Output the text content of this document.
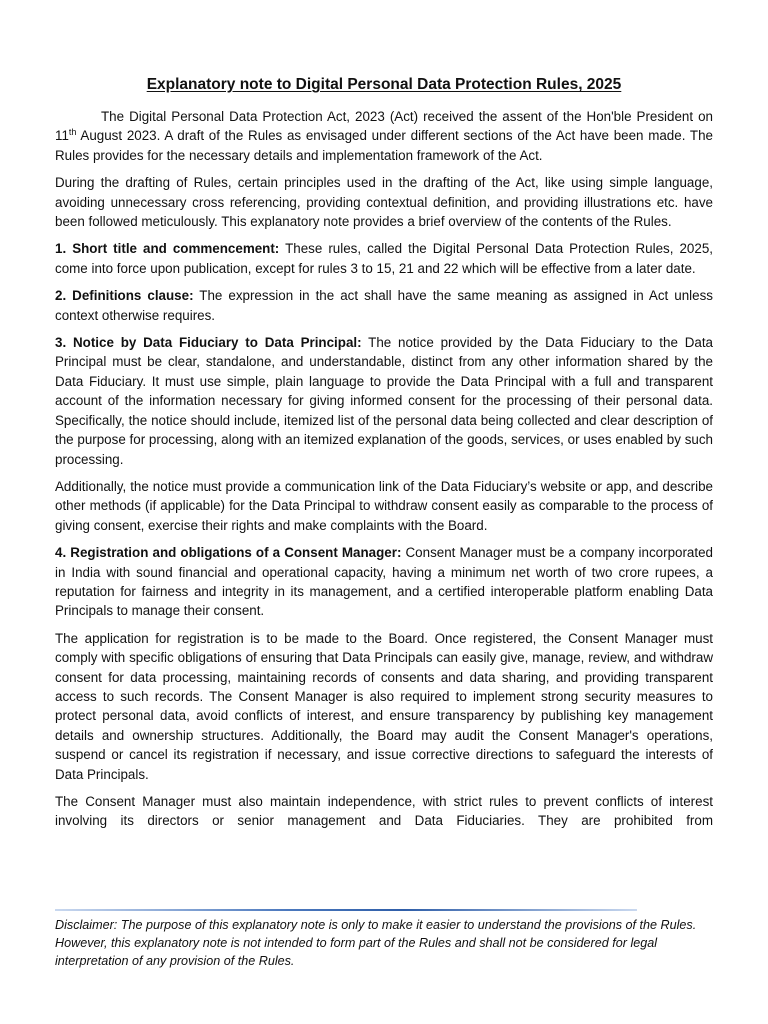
Explanatory note to Digital Personal Data Protection Rules, 2025

The Digital Personal Data Protection Act, 2023 (Act) received the assent of the Hon'ble President on 11th August 2023. A draft of the Rules as envisaged under different sections of the Act have been made. The Rules provides for the necessary details and implementation framework of the Act.

During the drafting of Rules, certain principles used in the drafting of the Act, like using simple language, avoiding unnecessary cross referencing, providing contextual definition, and providing illustrations etc. have been followed meticulously. This explanatory note provides a brief overview of the contents of the Rules.

1. Short title and commencement: These rules, called the Digital Personal Data Protection Rules, 2025, come into force upon publication, except for rules 3 to 15, 21 and 22 which will be effective from a later date.

2. Definitions clause: The expression in the act shall have the same meaning as assigned in Act unless context otherwise requires.

3. Notice by Data Fiduciary to Data Principal: The notice provided by the Data Fiduciary to the Data Principal must be clear, standalone, and understandable, distinct from any other information shared by the Data Fiduciary. It must use simple, plain language to provide the Data Principal with a full and transparent account of the information necessary for giving informed consent for the processing of their personal data. Specifically, the notice should include, itemized list of the personal data being collected and clear description of the purpose for processing, along with an itemized explanation of the goods, services, or uses enabled by such processing.

Additionally, the notice must provide a communication link of the Data Fiduciary’s website or app, and describe other methods (if applicable) for the Data Principal to withdraw consent easily as comparable to the process of giving consent, exercise their rights and make complaints with the Board.

4. Registration and obligations of a Consent Manager: Consent Manager must be a company incorporated in India with sound financial and operational capacity, having a minimum net worth of two crore rupees, a reputation for fairness and integrity in its management, and a certified interoperable platform enabling Data Principals to manage their consent.

The application for registration is to be made to the Board. Once registered, the Consent Manager must comply with specific obligations of ensuring that Data Principals can easily give, manage, review, and withdraw consent for data processing, maintaining records of consents and data sharing, and providing transparent access to such records. The Consent Manager is also required to implement strong security measures to protect personal data, avoid conflicts of interest, and ensure transparency by publishing key management details and ownership structures. Additionally, the Board may audit the Consent Manager's operations, suspend or cancel its registration if necessary, and issue corrective directions to safeguard the interests of Data Principals.

The Consent Manager must also maintain independence, with strict rules to prevent conflicts of interest involving its directors or senior management and Data Fiduciaries. They are prohibited from

Disclaimer: The purpose of this explanatory note is only to make it easier to understand the provisions of the Rules. However, this explanatory note is not intended to form part of the Rules and shall not be considered for legal interpretation of any provision of the Rules.
